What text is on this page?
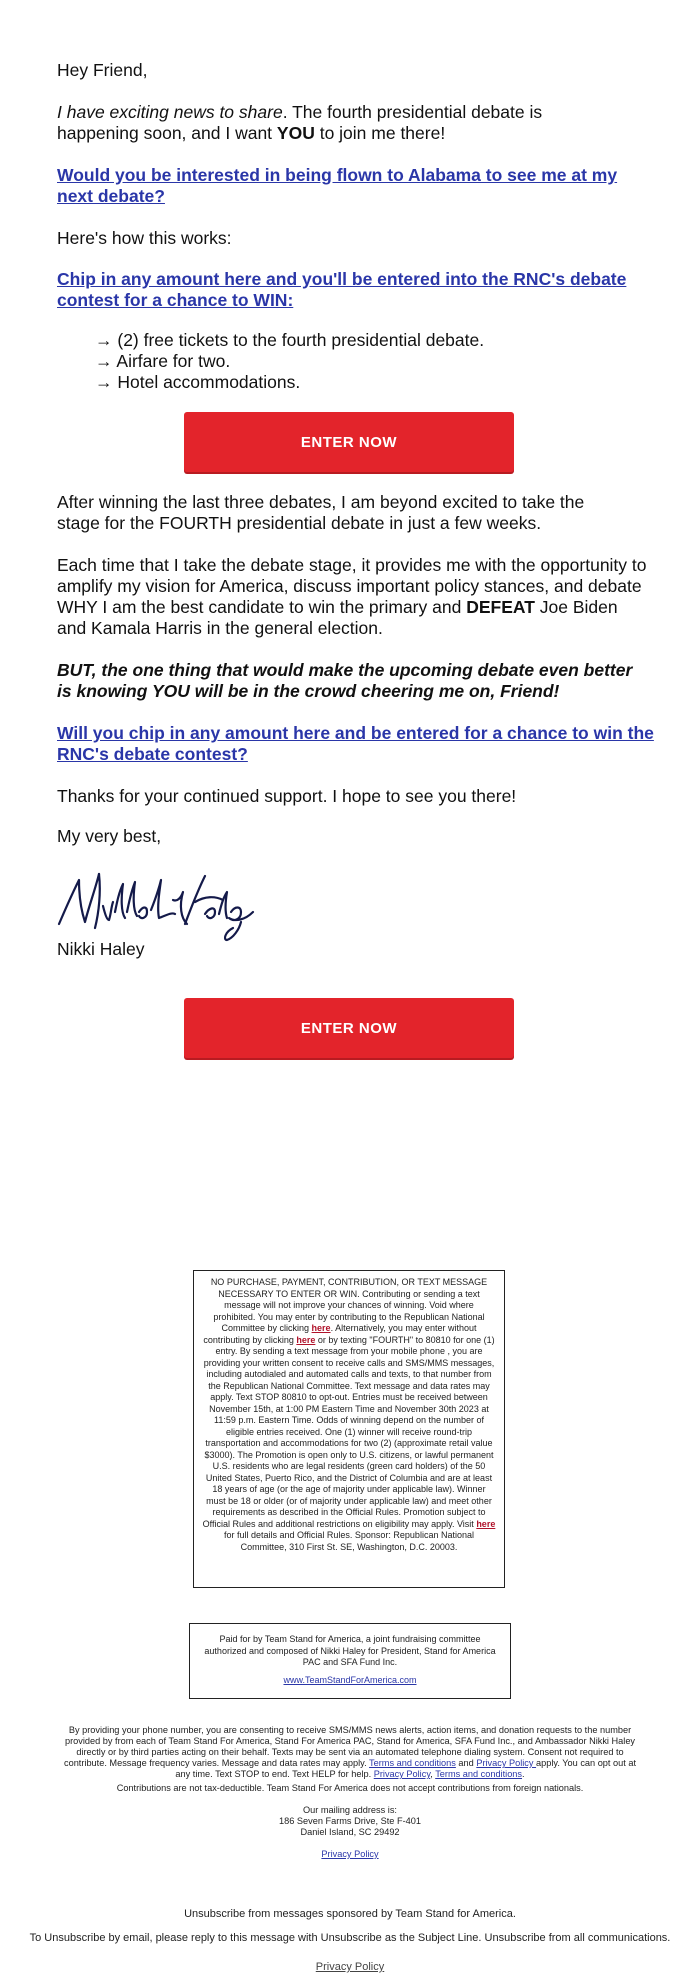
Hey Friend,

I have exciting news to share. The fourth presidential debate is happening soon, and I want YOU to join me there!

Would you be interested in being flown to Alabama to see me at my next debate?

Here's how this works:

Chip in any amount here and you'll be entered into the RNC's debate contest for a chance to WIN:
→ (2) free tickets to the fourth presidential debate.
→ Airfare for two.
→ Hotel accommodations.
ENTER NOW

After winning the last three debates, I am beyond excited to take the stage for the FOURTH presidential debate in just a few weeks.

Each time that I take the debate stage, it provides me with the opportunity to amplify my vision for America, discuss important policy stances, and debate WHY I am the best candidate to win the primary and DEFEAT Joe Biden and Kamala Harris in the general election.

BUT, the one thing that would make the upcoming debate even better is knowing YOU will be in the crowd cheering me on, Friend!

Will you chip in any amount here and be entered for a chance to win the RNC's debate contest?

Thanks for your continued support. I hope to see you there!

My very best,

Nikki Haley
ENTER NOW
NO PURCHASE, PAYMENT, CONTRIBUTION, OR TEXT MESSAGE NECESSARY TO ENTER OR WIN. Contributing or sending a text message will not improve your chances of winning. Void where prohibited. You may enter by contributing to the Republican National Committee by clicking here. Alternatively, you may enter without contributing by clicking here or by texting "FOURTH" to 80810 for one (1) entry. By sending a text message from your mobile phone , you are providing your written consent to receive calls and SMS/MMS messages, including autodialed and automated calls and texts, to that number from the Republican National Committee. Text message and data rates may apply. Text STOP 80810 to opt-out. Entries must be received between November 15th, at 1:00 PM Eastern Time and November 30th 2023 at 11:59 p.m. Eastern Time. Odds of winning depend on the number of eligible entries received. One (1) winner will receive round-trip transportation and accommodations for two (2) (approximate retail value $3000). The Promotion is open only to U.S. citizens, or lawful permanent U.S. residents who are legal residents (green card holders) of the 50 United States, Puerto Rico, and the District of Columbia and are at least 18 years of age (or the age of majority under applicable law). Winner must be 18 or older (or of majority under applicable law) and meet other requirements as described in the Official Rules. Promotion subject to Official Rules and additional restrictions on eligibility may apply. Visit here for full details and Official Rules. Sponsor: Republican National Committee, 310 First St. SE, Washington, D.C. 20003.
Paid for by Team Stand for America, a joint fundraising committee authorized and composed of Nikki Haley for President, Stand for America PAC and SFA Fund Inc.
www.TeamStandForAmerica.com
By providing your phone number, you are consenting to receive SMS/MMS news alerts, action items, and donation requests to the number provided by from each of Team Stand For America, Stand For America PAC, Stand for America, SFA Fund Inc., and Ambassador Nikki Haley directly or by third parties acting on their behalf. Texts may be sent via an automated telephone dialing system. Consent not required to contribute. Message frequency varies. Message and data rates may apply. Terms and conditions and Privacy Policy apply. You can opt out at any time. Text STOP to end. Text HELP for help. Privacy Policy, Terms and conditions.
Contributions are not tax-deductible. Team Stand For America does not accept contributions from foreign nationals.
Our mailing address is:
186 Seven Farms Drive, Ste F-401
Daniel Island, SC 29492
Privacy Policy
Unsubscribe from messages sponsored by Team Stand for America.
To Unsubscribe by email, please reply to this message with Unsubscribe as the Subject Line. Unsubscribe from all communications.
Privacy Policy
